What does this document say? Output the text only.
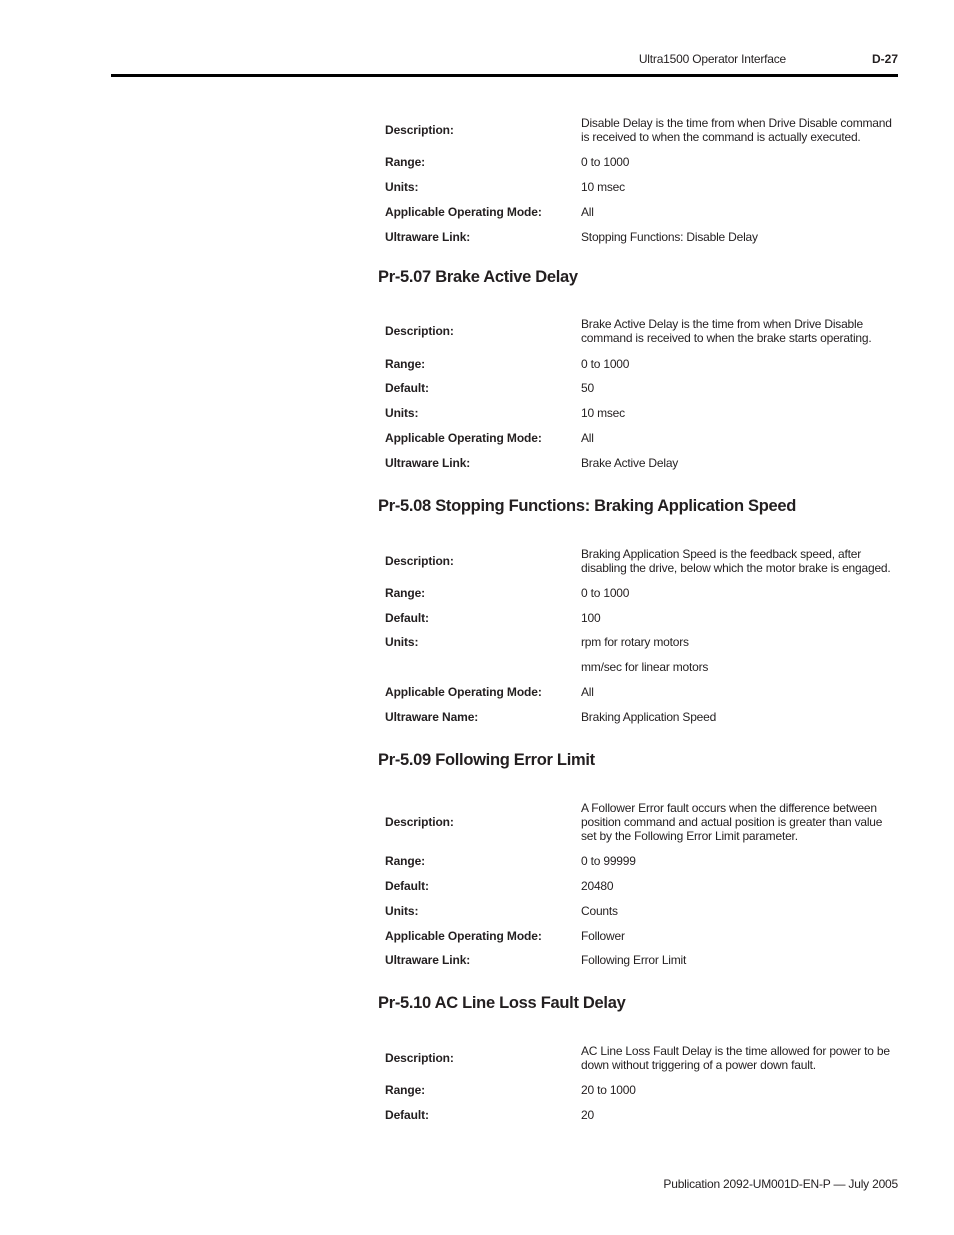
Ultra1500 Operator Interface	D-27
Description:	Disable Delay is the time from when Drive Disable command is received to when the command is actually executed.
Range:	0 to 1000
Units:	10 msec
Applicable Operating Mode:	All
Ultraware Link:	Stopping Functions: Disable Delay
Pr-5.07 Brake Active Delay
Description:	Brake Active Delay is the time from when Drive Disable command is received to when the brake starts operating.
Range:	0 to 1000
Default:	50
Units:	10 msec
Applicable Operating Mode:	All
Ultraware Link:	Brake Active Delay
Pr-5.08 Stopping Functions: Braking Application Speed
Description:	Braking Application Speed is the feedback speed, after disabling the drive, below which the motor brake is engaged.
Range:	0 to 1000
Default:	100
Units:	rpm for rotary motors
mm/sec for linear motors
Applicable Operating Mode:	All
Ultraware Name:	Braking Application Speed
Pr-5.09 Following Error Limit
Description:
A Follower Error fault occurs when the difference between position command and actual position is greater than value set by the Following Error Limit parameter.
Range:	0 to 99999
Default:	20480
Units:	Counts
Applicable Operating Mode:	Follower
Ultraware Link:	Following Error Limit
Pr-5.10 AC Line Loss Fault Delay
Description:	AC Line Loss Fault Delay is the time allowed for power to be down without triggering of a power down fault.
Range:	20 to 1000
Default:	20
Publication 2092-UM001D-EN-P — July 2005
